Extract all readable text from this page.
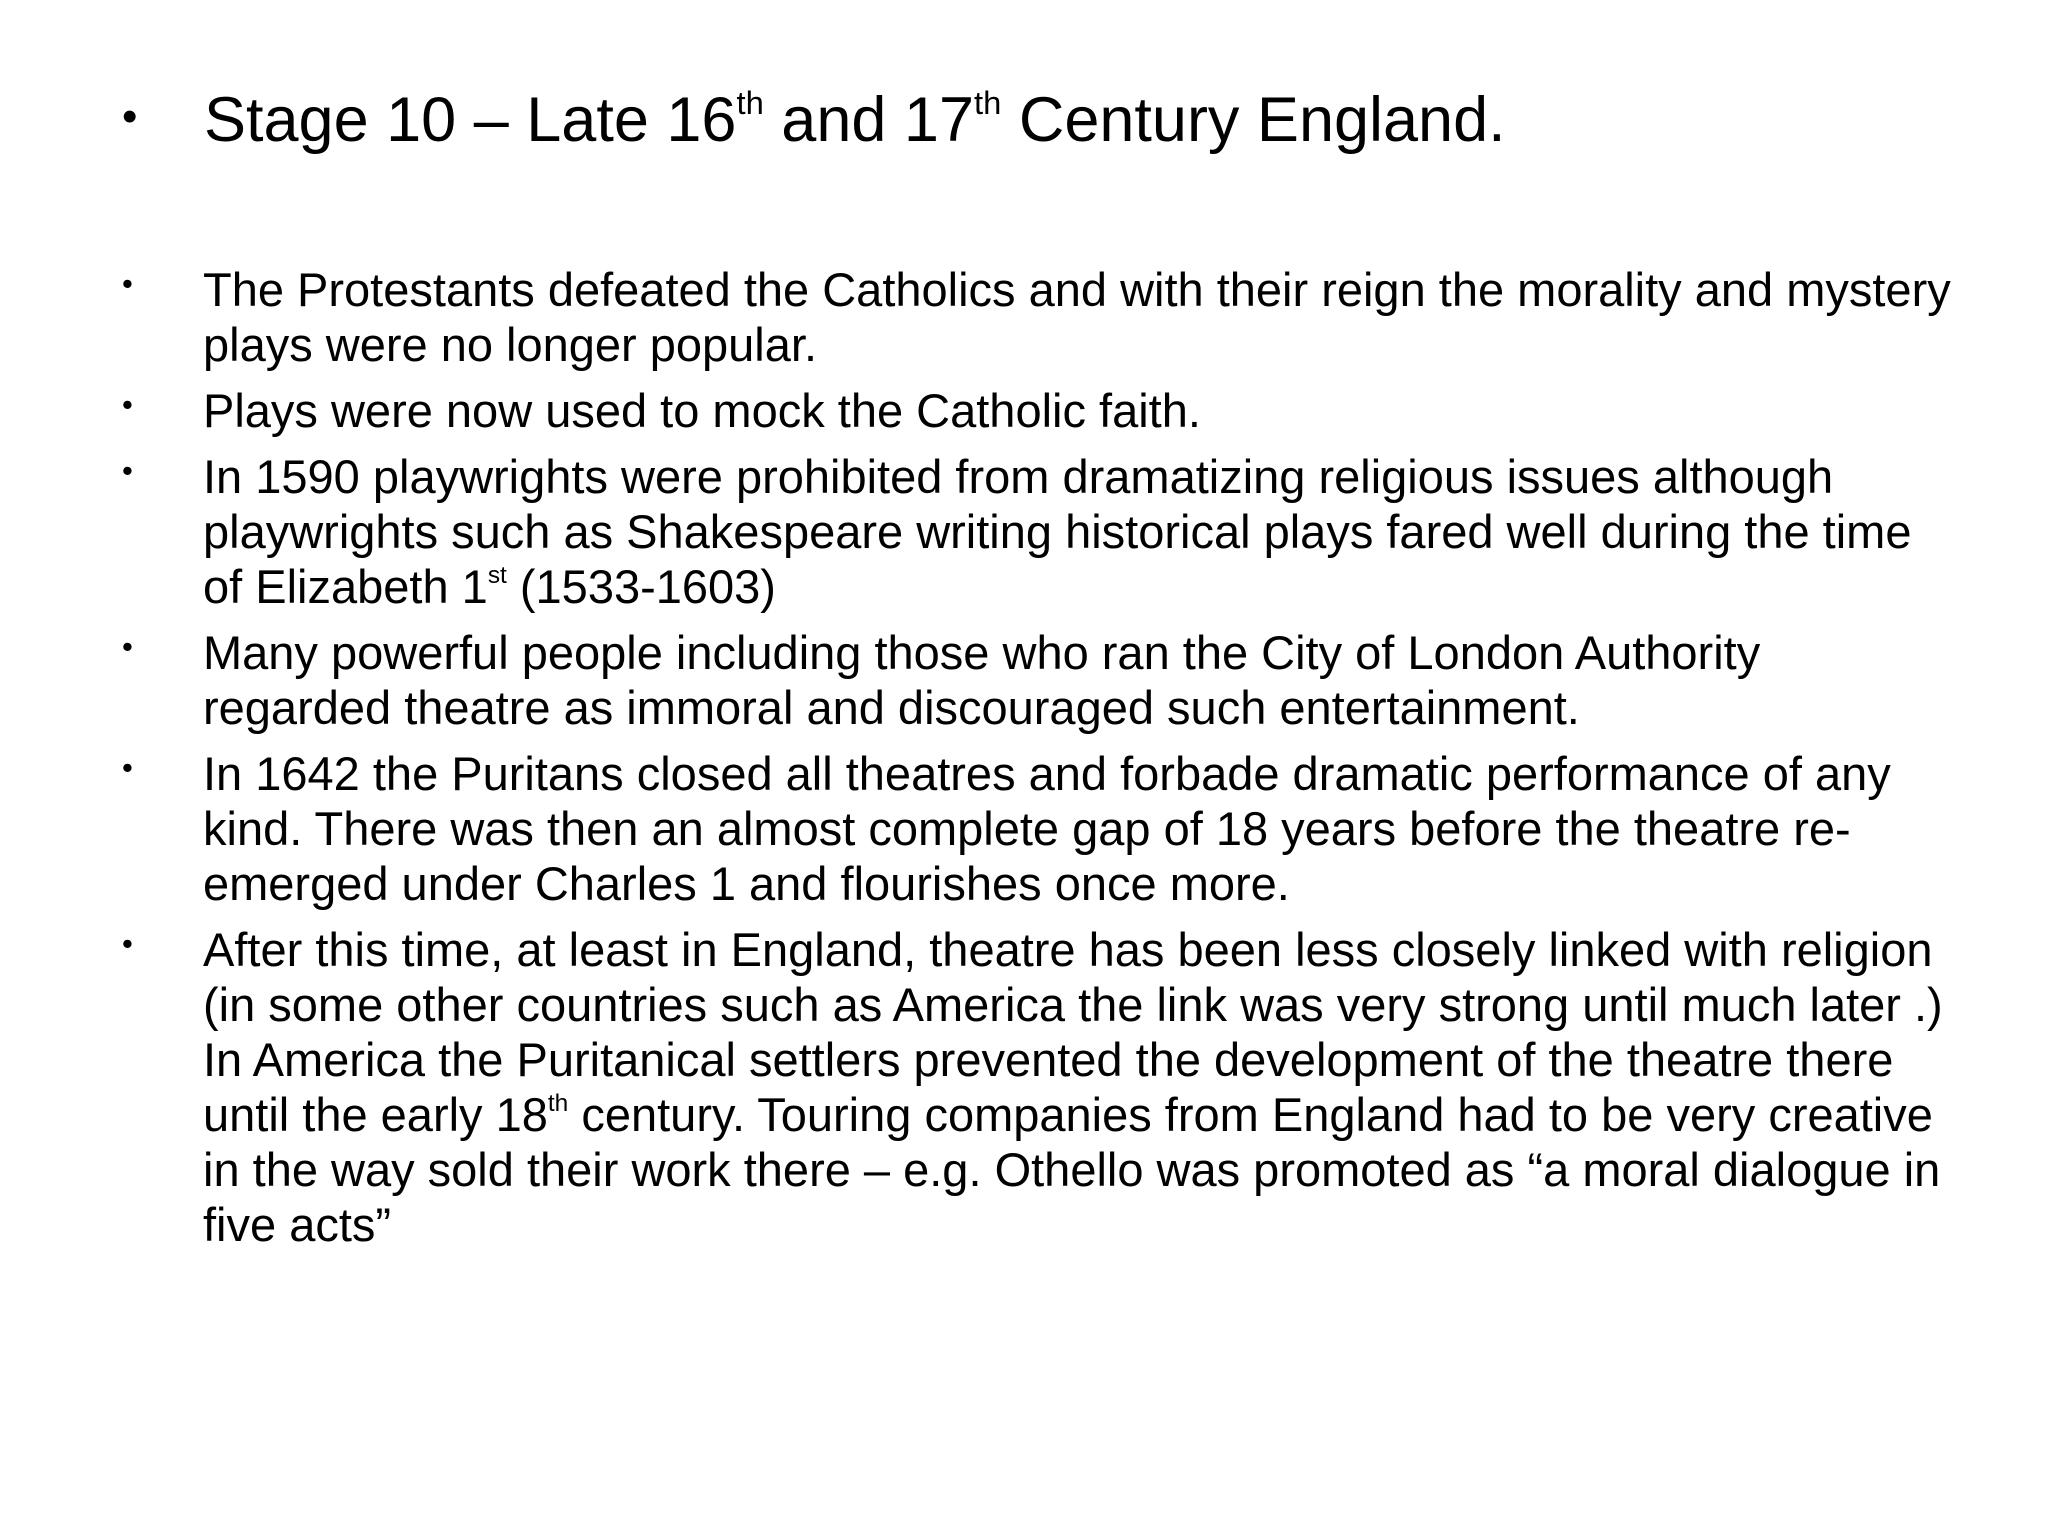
•	Stage 10 – Late 16th and 17th Century England.
•	The Protestants defeated the Catholics and with their reign the morality and mystery plays were no longer popular.
•	Plays were now used to mock the Catholic faith.
•	In 1590 playwrights were prohibited from dramatizing religious issues although playwrights such as Shakespeare writing historical plays fared well during the time of Elizabeth 1st (1533-1603)
•	Many powerful people including those who ran the City of London Authority regarded theatre as immoral and discouraged such entertainment.
•	In 1642 the Puritans closed all theatres and forbade dramatic performance of any kind. There was then an almost complete gap of 18 years before the theatre re-emerged under Charles 1 and flourishes once more.
•	After this time, at least in England, theatre has been less closely linked with religion (in some other countries such as America the link was very strong until much later .) In America the Puritanical settlers prevented the development of the theatre there until the early 18th century. Touring companies from England had to be very creative in the way sold their work there – e.g. Othello was promoted as “a moral dialogue in five acts”
